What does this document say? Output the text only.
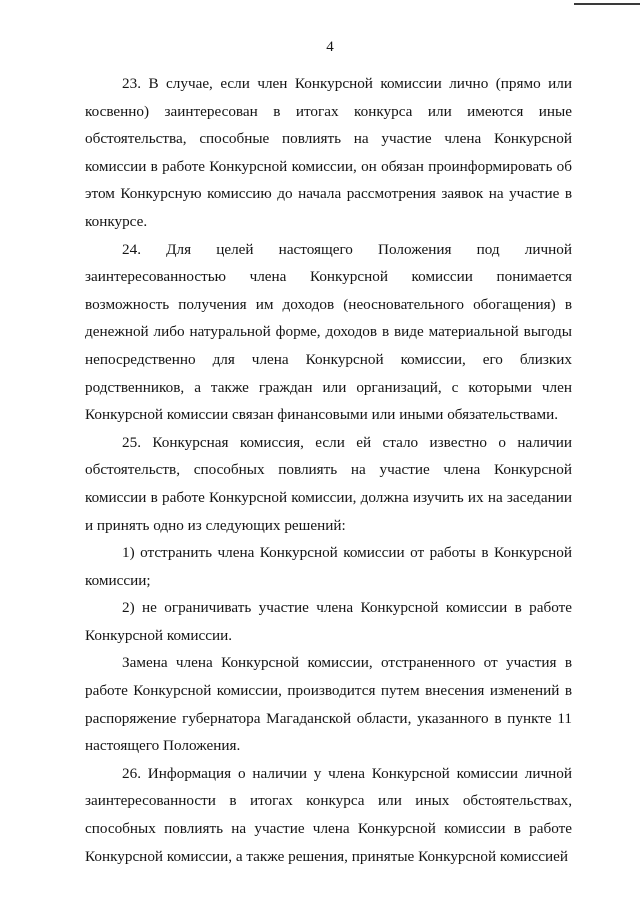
4

23. В случае, если член Конкурсной комиссии лично (прямо или косвенно) заинтересован в итогах конкурса или имеются иные обстоятельства, способные повлиять на участие члена Конкурсной комиссии в работе Конкурсной комиссии, он обязан проинформировать об этом Конкурсную комиссию до начала рассмотрения заявок на участие в конкурсе.

24. Для целей настоящего Положения под личной заинтересованностью члена Конкурсной комиссии понимается возможность получения им доходов (неосновательного обогащения) в денежной либо натуральной форме, доходов в виде материальной выгоды непосредственно для члена Конкурсной комиссии, его близких родственников, а также граждан или организаций, с которыми член Конкурсной комиссии связан финансовыми или иными обязательствами.

25. Конкурсная комиссия, если ей стало известно о наличии обстоятельств, способных повлиять на участие члена Конкурсной комиссии в работе Конкурсной комиссии, должна изучить их на заседании и принять одно из следующих решений:

1) отстранить члена Конкурсной комиссии от работы в Конкурсной комиссии;

2) не ограничивать участие члена Конкурсной комиссии в работе Конкурсной комиссии.

Замена члена Конкурсной комиссии, отстраненного от участия в работе Конкурсной комиссии, производится путем внесения изменений в распоряжение губернатора Магаданской области, указанного в пункте 11 настоящего Положения.

26. Информация о наличии у члена Конкурсной комиссии личной заинтересованности в итогах конкурса или иных обстоятельствах, способных повлиять на участие члена Конкурсной комиссии в работе Конкурсной комиссии, а также решения, принятые Конкурсной комиссией
